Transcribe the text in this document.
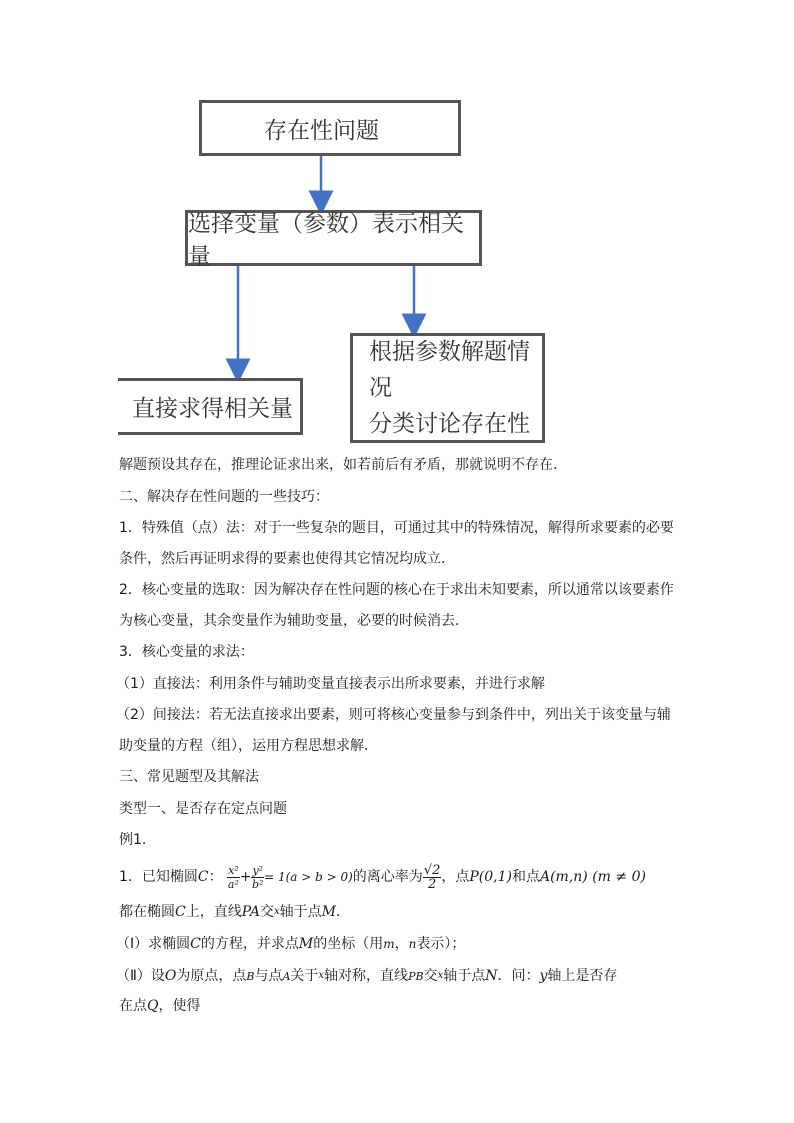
存在性问题
选择变量（参数）表示相关量
直接求得相关量
根据参数解题情况
分类讨论存在性
解题预设其存在，推理论证求出来，如若前后有矛盾，那就说明不存在．
二、解决存在性问题的一些技巧：
1．特殊值（点）法：对于一些复杂的题目，可通过其中的特殊情况，解得所求要素的必要
条件，然后再证明求得的要素也使得其它情况均成立．
2．核心变量的选取：因为解决存在性问题的核心在于求出未知要素，所以通常以该要素作
为核心变量，其余变量作为辅助变量，必要的时候消去．
3．核心变量的求法：
（1）直接法：利用条件与辅助变量直接表示出所求要素，并进行求解
（2）间接法：若无法直接求出要素，则可将核心变量参与到条件中，列出关于该变量与辅
助变量的方程（组），运用方程思想求解．
三、常见题型及其解法
类型一、是否存在定点问题
例1．
1．已知椭圆C： $\frac{\text{x²}}{\text{a²}} + \frac{\text{y²}}{\text{b²}} = 1(a > b > 0)$的离心率为 $\frac{√2}{2}$ ，点P(0,1)和点A(m,n) (m ≠ 0)
都在椭圆C上，直线PA交$^x$轴于点M．
（Ⅰ）求椭圆C的方程，并求点M的坐标（用m，n表示）；
（Ⅱ）设O为原点，点B与点A关于$^x$轴对称，直线PB交$^x$轴于点N．问：y轴上是否存
在点Q，使得
